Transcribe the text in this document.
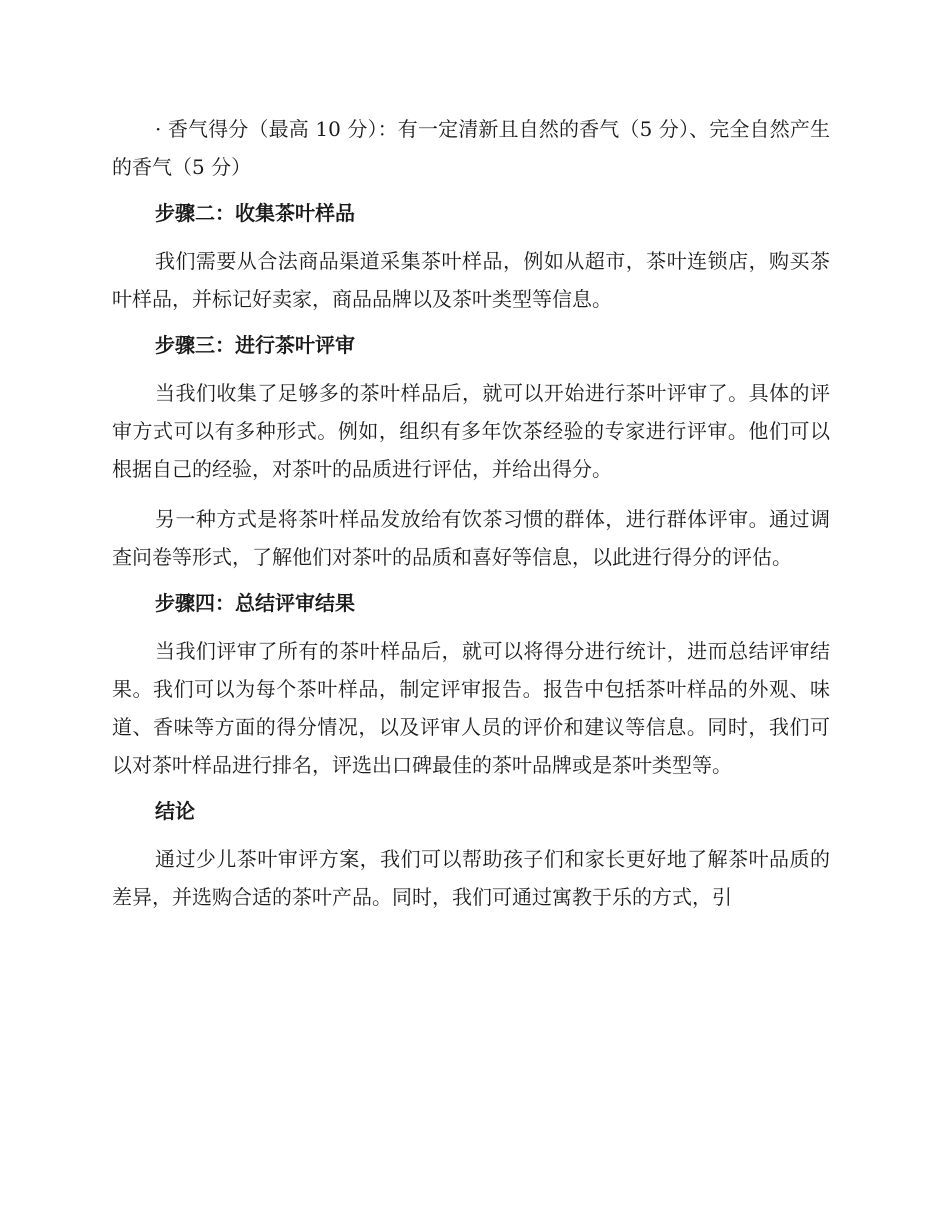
· 香气得分（最高 10 分）：有一定清新且自然的香气（5 分）、完全自然产生的香气（5 分）

步骤二：收集茶叶样品

我们需要从合法商品渠道采集茶叶样品，例如从超市，茶叶连锁店，购买茶叶样品，并标记好卖家，商品品牌以及茶叶类型等信息。

步骤三：进行茶叶评审

当我们收集了足够多的茶叶样品后，就可以开始进行茶叶评审了。具体的评审方式可以有多种形式。例如，组织有多年饮茶经验的专家进行评审。他们可以根据自己的经验，对茶叶的品质进行评估，并给出得分。

另一种方式是将茶叶样品发放给有饮茶习惯的群体，进行群体评审。通过调查问卷等形式，了解他们对茶叶的品质和喜好等信息，以此进行得分的评估。

步骤四：总结评审结果

当我们评审了所有的茶叶样品后，就可以将得分进行统计，进而总结评审结果。我们可以为每个茶叶样品，制定评审报告。报告中包括茶叶样品的外观、味道、香味等方面的得分情况，以及评审人员的评价和建议等信息。同时，我们可以对茶叶样品进行排名，评选出口碑最佳的茶叶品牌或是茶叶类型等。

结论

通过少儿茶叶审评方案，我们可以帮助孩子们和家长更好地了解茶叶品质的差异，并选购合适的茶叶产品。同时，我们可通过寓教于乐的方式，引
